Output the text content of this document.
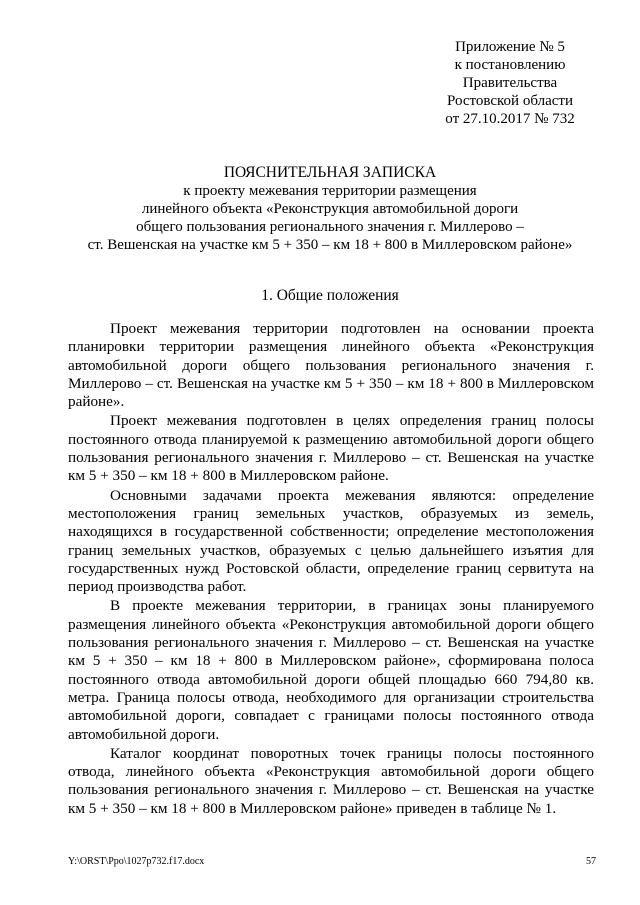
Приложение № 5
к постановлению
Правительства
Ростовской области
от 27.10.2017 № 732
ПОЯСНИТЕЛЬНАЯ ЗАПИСКА
к проекту межевания территории размещения
линейного объекта «Реконструкция автомобильной дороги
общего пользования регионального значения г. Миллерово –
ст. Вешенская на участке км 5 + 350 – км 18 + 800 в Миллеровском районе»
1. Общие положения

Проект межевания территории подготовлен на основании проекта планировки территории размещения линейного объекта «Реконструкция автомобильной дороги общего пользования регионального значения г. Миллерово – ст. Вешенская на участке км 5 + 350 – км 18 + 800 в Миллеровском районе».

Проект межевания подготовлен в целях определения границ полосы постоянного отвода планируемой к размещению автомобильной дороги общего пользования регионального значения г. Миллерово – ст. Вешенская на участке км 5 + 350 – км 18 + 800 в Миллеровском районе.

Основными задачами проекта межевания являются: определение местоположения границ земельных участков, образуемых из земель, находящихся в государственной собственности; определение местоположения границ земельных участков, образуемых с целью дальнейшего изъятия для государственных нужд Ростовской области, определение границ сервитута на период производства работ.

В проекте межевания территории, в границах зоны планируемого размещения линейного объекта «Реконструкция автомобильной дороги общего пользования регионального значения г. Миллерово – ст. Вешенская на участке км 5 + 350 – км 18 + 800 в Миллеровском районе», сформирована полоса постоянного отвода автомобильной дороги общей площадью 660 794,80 кв. метра. Граница полосы отвода, необходимого для организации строительства автомобильной дороги, совпадает с границами полосы постоянного отвода автомобильной дороги.

Каталог координат поворотных точек границы полосы постоянного отвода, линейного объекта «Реконструкция автомобильной дороги общего пользования регионального значения г. Миллерово – ст. Вешенская на участке км 5 + 350 – км 18 + 800 в Миллеровском районе» приведен в таблице № 1.

Y:\ORST\Ppo\1027p732.f17.docx	57
